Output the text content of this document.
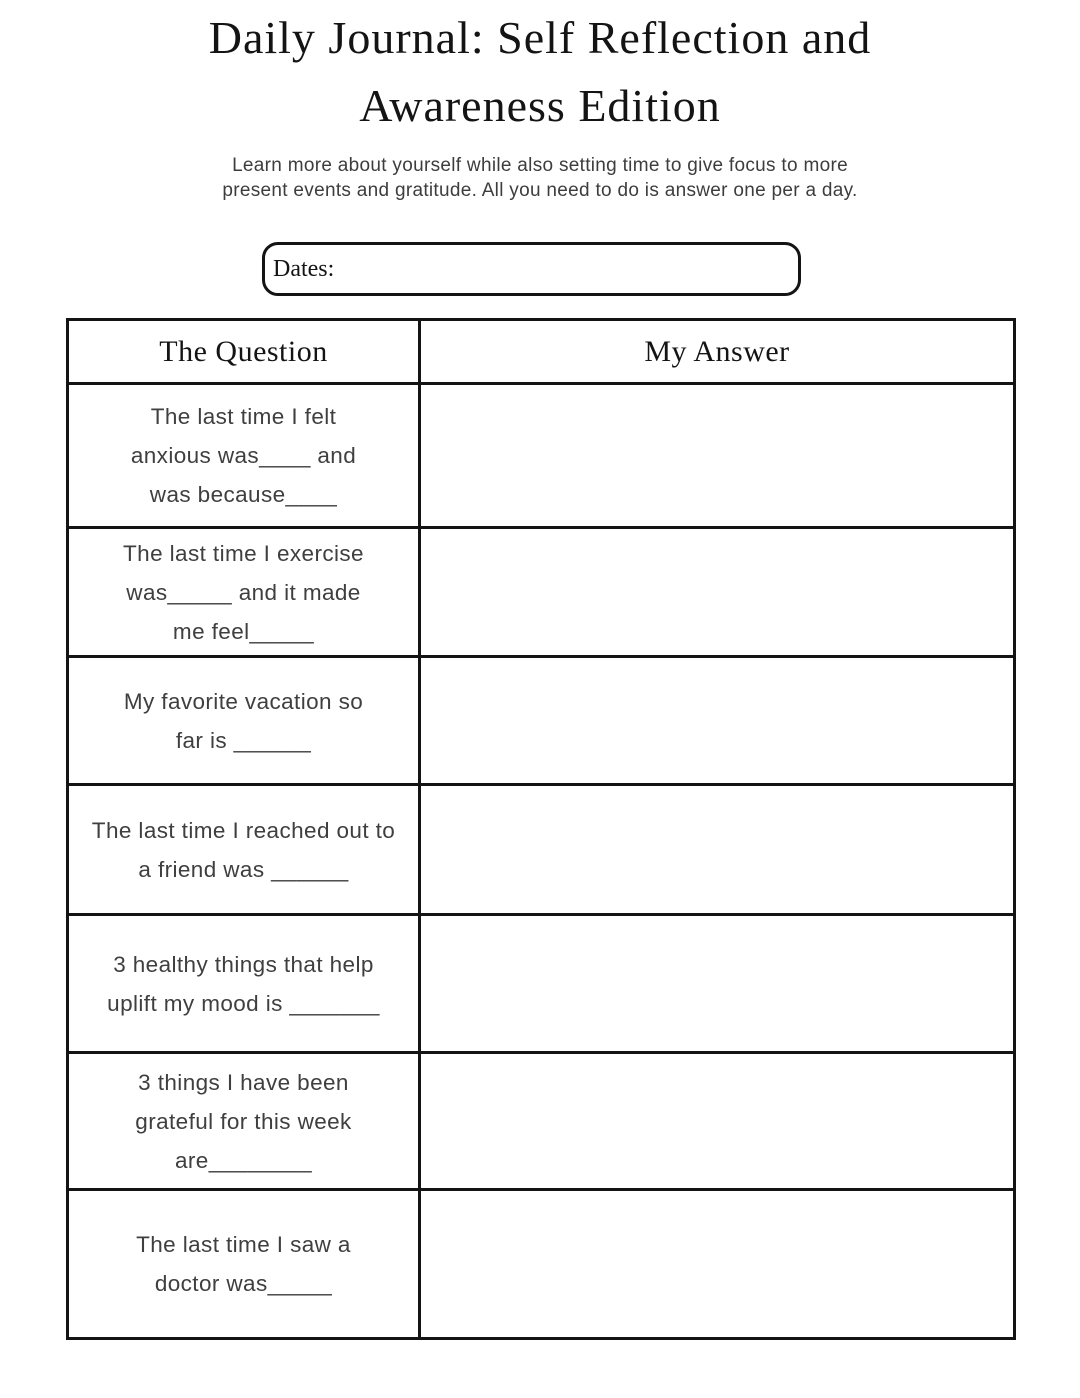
Daily Journal: Self Reflection and
Awareness Edition

Learn more about yourself while also setting time to give focus to more
present events and gratitude. All you need to do is answer one per a day.

Dates:
The Question	My Answer

The last time I felt
anxious was____ and
was because____	

The last time I exercise
was_____ and it made
me feel_____	

My favorite vacation so
far is ______	

The last time I reached out to
a friend was ______	

3 healthy things that help
uplift my mood is _______	

3 things I have been
grateful for this week
are________	

The last time I saw a
doctor was_____	
